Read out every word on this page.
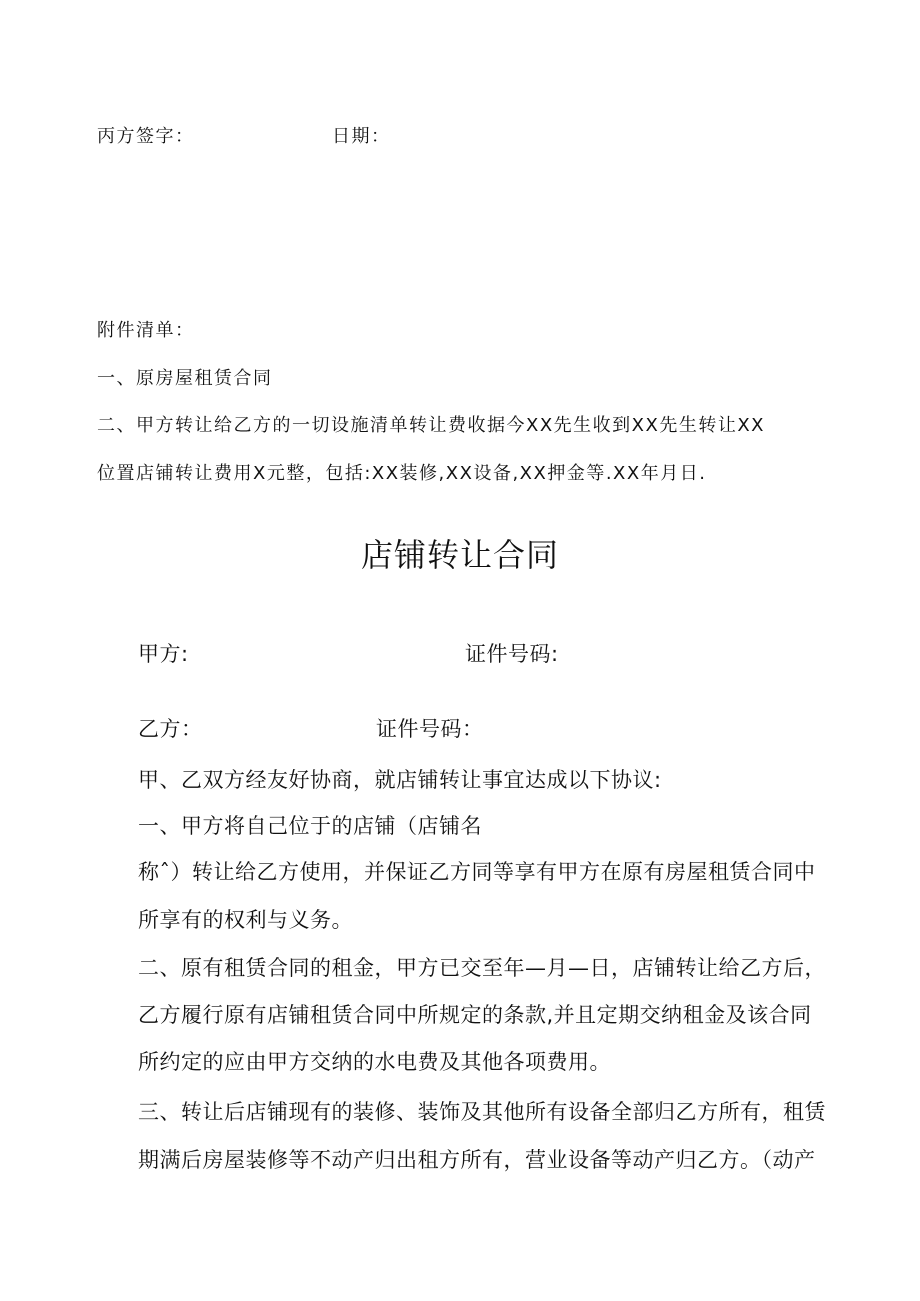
丙方签字：	日期：
附件清单：
一、原房屋租赁合同
二、甲方转让给乙方的一切设施清单转让费收据今XX先生收到XX先生转让XX
位置店铺转让费用X元整，包括:XX装修,XX设备,XX押金等.XX年月日.
店铺转让合同
甲方:	证件号码:
乙方：	证件号码：
甲、乙双方经友好协商，就店铺转让事宜达成以下协议:
一、甲方将自己位于的店铺（店铺名
称ˆ）转让给乙方使用，并保证乙方同等享有甲方在原有房屋租赁合同中
所享有的权利与义务。
二、原有租赁合同的租金，甲方已交至年—月—日，店铺转让给乙方后，
乙方履行原有店铺租赁合同中所规定的条款,并且定期交纳租金及该合同
所约定的应由甲方交纳的水电费及其他各项费用。
三、转让后店铺现有的装修、装饰及其他所有设备全部归乙方所有，租赁
期满后房屋装修等不动产归出租方所有，营业设备等动产归乙方。（动产
